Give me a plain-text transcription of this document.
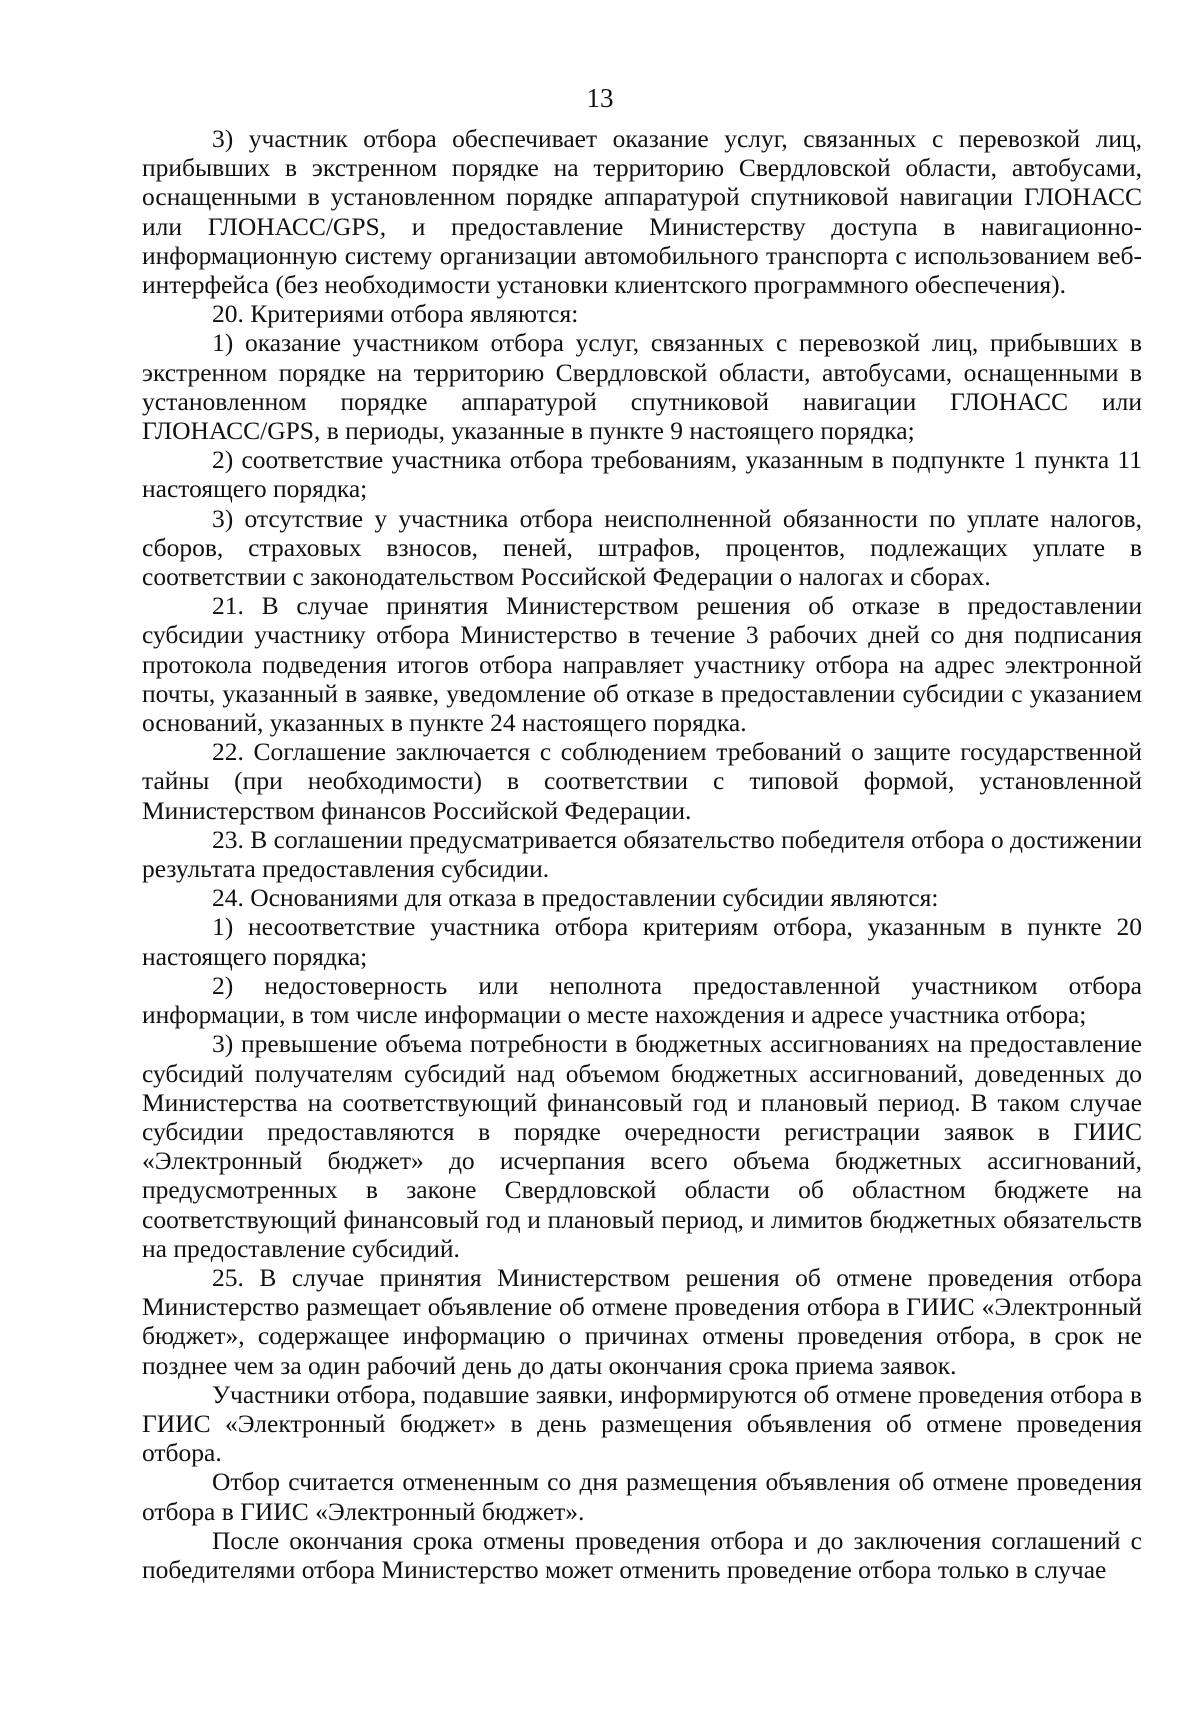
13

3) участник отбора обеспечивает оказание услуг, связанных с перевозкой лиц, прибывших в экстренном порядке на территорию Свердловской области, автобусами, оснащенными в установленном порядке аппаратурой спутниковой навигации ГЛОНАСС или ГЛОНАСС/GPS, и предоставление Министерству доступа в навигационно-информационную систему организации автомобильного транспорта с использованием веб-интерфейса (без необходимости установки клиентского программного обеспечения).

20. Критериями отбора являются:

1) оказание участником отбора услуг, связанных с перевозкой лиц, прибывших в экстренном порядке на территорию Свердловской области, автобусами, оснащенными в установленном порядке аппаратурой спутниковой навигации ГЛОНАСС или ГЛОНАСС/GPS, в периоды, указанные в пункте 9 настоящего порядка;

2) соответствие участника отбора требованиям, указанным в подпункте 1 пункта 11 настоящего порядка;

3) отсутствие у участника отбора неисполненной обязанности по уплате налогов, сборов, страховых взносов, пеней, штрафов, процентов, подлежащих уплате в соответствии с законодательством Российской Федерации о налогах и сборах.

21. В случае принятия Министерством решения об отказе в предоставлении субсидии участнику отбора Министерство в течение 3 рабочих дней со дня подписания протокола подведения итогов отбора направляет участнику отбора на адрес электронной почты, указанный в заявке, уведомление об отказе в предоставлении субсидии с указанием оснований, указанных в пункте 24 настоящего порядка.

22. Соглашение заключается с соблюдением требований о защите государственной тайны (при необходимости) в соответствии с типовой формой, установленной Министерством финансов Российской Федерации.

23. В соглашении предусматривается обязательство победителя отбора о достижении результата предоставления субсидии.

24. Основаниями для отказа в предоставлении субсидии являются:

1) несоответствие участника отбора критериям отбора, указанным в пункте 20 настоящего порядка;

2) недостоверность или неполнота предоставленной участником отбора информации, в том числе информации о месте нахождения и адресе участника отбора;

3) превышение объема потребности в бюджетных ассигнованиях на предоставление субсидий получателям субсидий над объемом бюджетных ассигнований, доведенных до Министерства на соответствующий финансовый год и плановый период. В таком случае субсидии предоставляются в порядке очередности регистрации заявок в ГИИС «Электронный бюджет» до исчерпания всего объема бюджетных ассигнований, предусмотренных в законе Свердловской области об областном бюджете на соответствующий финансовый год и плановый период, и лимитов бюджетных обязательств на предоставление субсидий.

25. В случае принятия Министерством решения об отмене проведения отбора Министерство размещает объявление об отмене проведения отбора в ГИИС «Электронный бюджет», содержащее информацию о причинах отмены проведения отбора, в срок не позднее чем за один рабочий день до даты окончания срока приема заявок.

Участники отбора, подавшие заявки, информируются об отмене проведения отбора в ГИИС «Электронный бюджет» в день размещения объявления об отмене проведения отбора.

Отбор считается отмененным со дня размещения объявления об отмене проведения отбора в ГИИС «Электронный бюджет».

После окончания срока отмены проведения отбора и до заключения соглашений с победителями отбора Министерство может отменить проведение отбора только в случае
